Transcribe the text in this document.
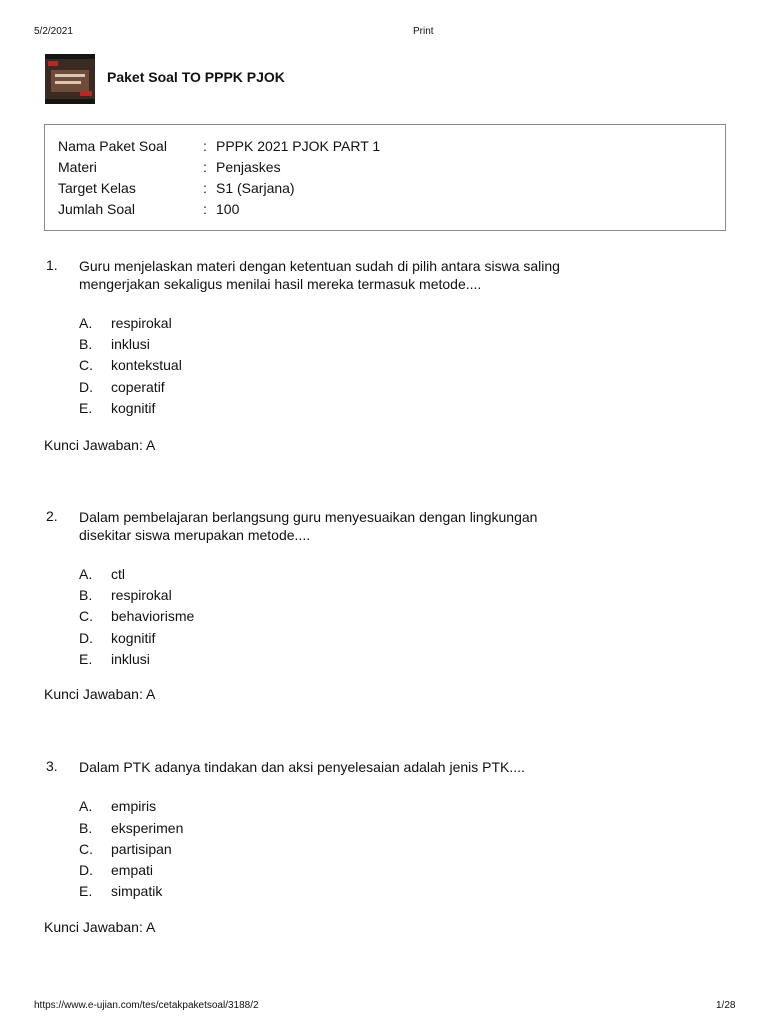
5/2/2021	Print
Paket Soal TO PPPK PJOK
Nama Paket Soal	: PPPK 2021 PJOK PART 1
Materi	: Penjaskes
Target Kelas	: S1 (Sarjana)
Jumlah Soal	: 100
1. Guru menjelaskan materi dengan ketentuan sudah di pilih antara siswa saling
mengerjakan sekaligus menilai hasil mereka termasuk metode....
A. respirokal
B. inklusi
C. kontekstual
D. coperatif
E. kognitif
Kunci Jawaban: A
2. Dalam pembelajaran berlangsung guru menyesuaikan dengan lingkungan
disekitar siswa merupakan metode....
A. ctl
B. respirokal
C. behaviorisme
D. kognitif
E. inklusi
Kunci Jawaban: A
3. Dalam PTK adanya tindakan dan aksi penyelesaian adalah jenis PTK....
A. empiris
B. eksperimen
C. partisipan
D. empati
E. simpatik
Kunci Jawaban: A
https://www.e-ujian.com/tes/cetakpaketsoal/3188/2	1/28
